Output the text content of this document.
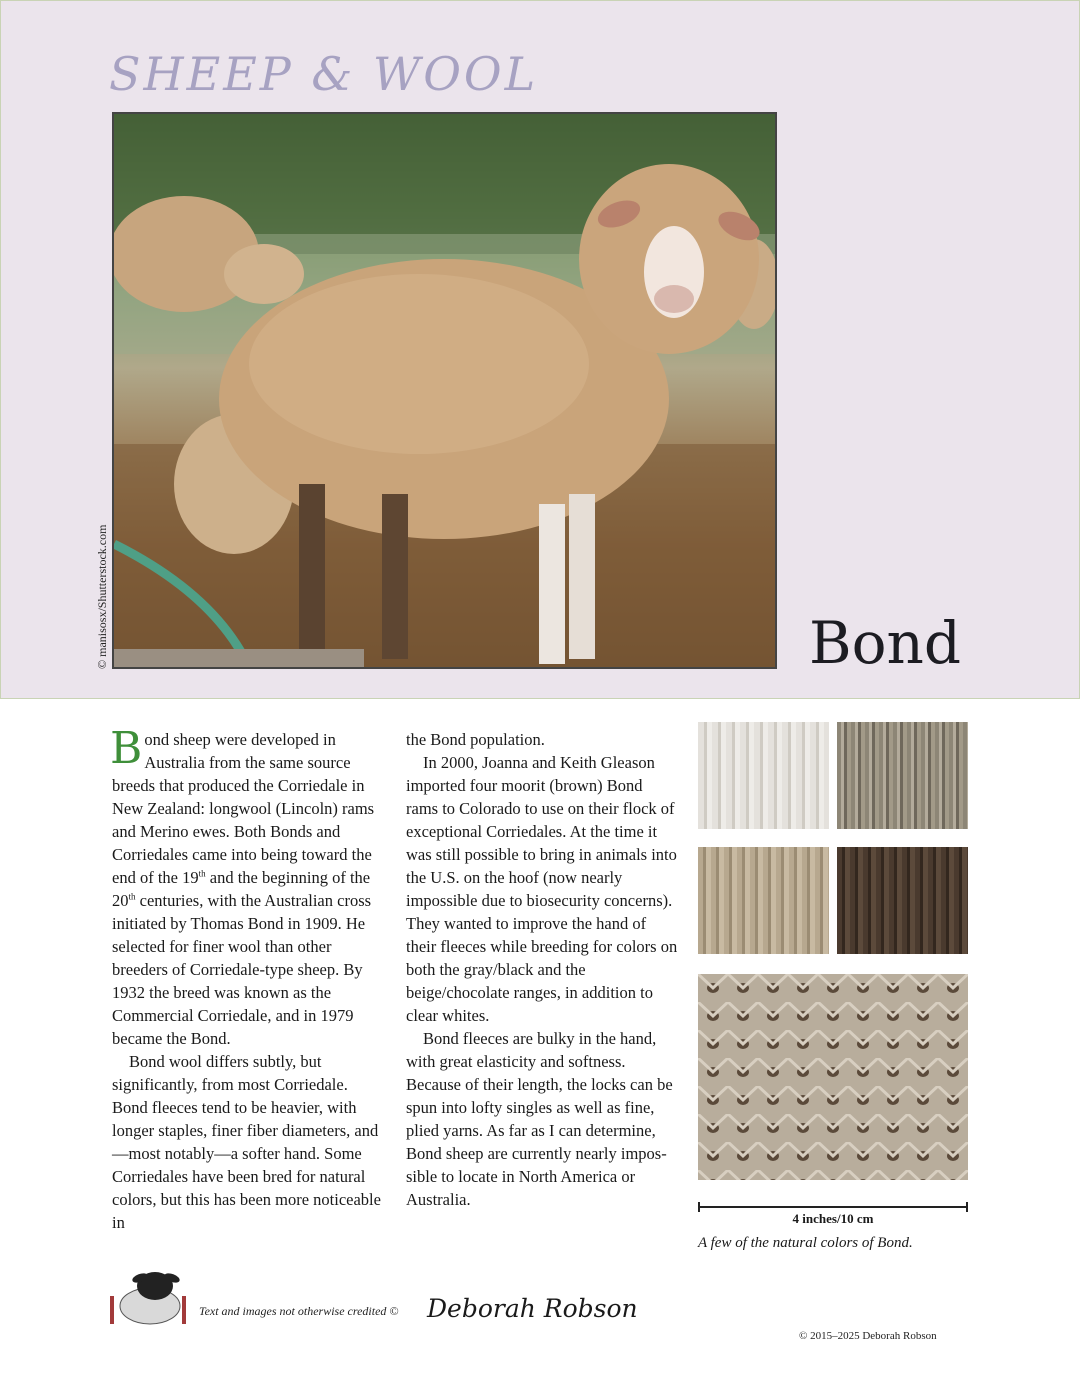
SHEEP & WOOL
© manisosx/Shutterstock.com	Bond

Bond sheep were developed in Australia from the same source breeds that produced the Corriedale in New Zealand: longwool (Lincoln) rams and Merino ewes. Both Bonds and Corriedales came into being toward the end of the 19th and the beginning of the 20th centuries, with the Australian cross initiated by Thomas Bond in 1909. He selected for finer wool than other breeders of Corriedale-type sheep. By 1932 the breed was known as the Commercial Corriedale, and in 1979 became the Bond.

Bond wool differs subtly, but significantly, from most Corriedale. Bond fleeces tend to be heavier, with longer staples, finer fiber diameters, and—most notably—a softer hand. Some Corriedales have been bred for natural colors, but this has been more noticeable in

the Bond population.

In 2000, Joanna and Keith Gleason imported four moorit (brown) Bond rams to Colorado to use on their flock of exceptional Corriedales. At the time it was still possible to bring in animals into the U.S. on the hoof (now nearly impossible due to biosecurity concerns). They wanted to improve the hand of their fleeces while breeding for colors on both the gray/black and the beige/chocolate ranges, in addition to clear whites.

Bond fleeces are bulky in the hand, with great elasticity and softness. Because of their length, the locks can be spun into lofty singles as well as fine, plied yarns. As far as I can determine, Bond sheep are currently nearly impos-sible to locate in North America or Australia.

4 inches/10 cm
A few of the natural colors of Bond.
Text and images not otherwise credited © Deborah Robson
© 2015–2025 Deborah Robson
